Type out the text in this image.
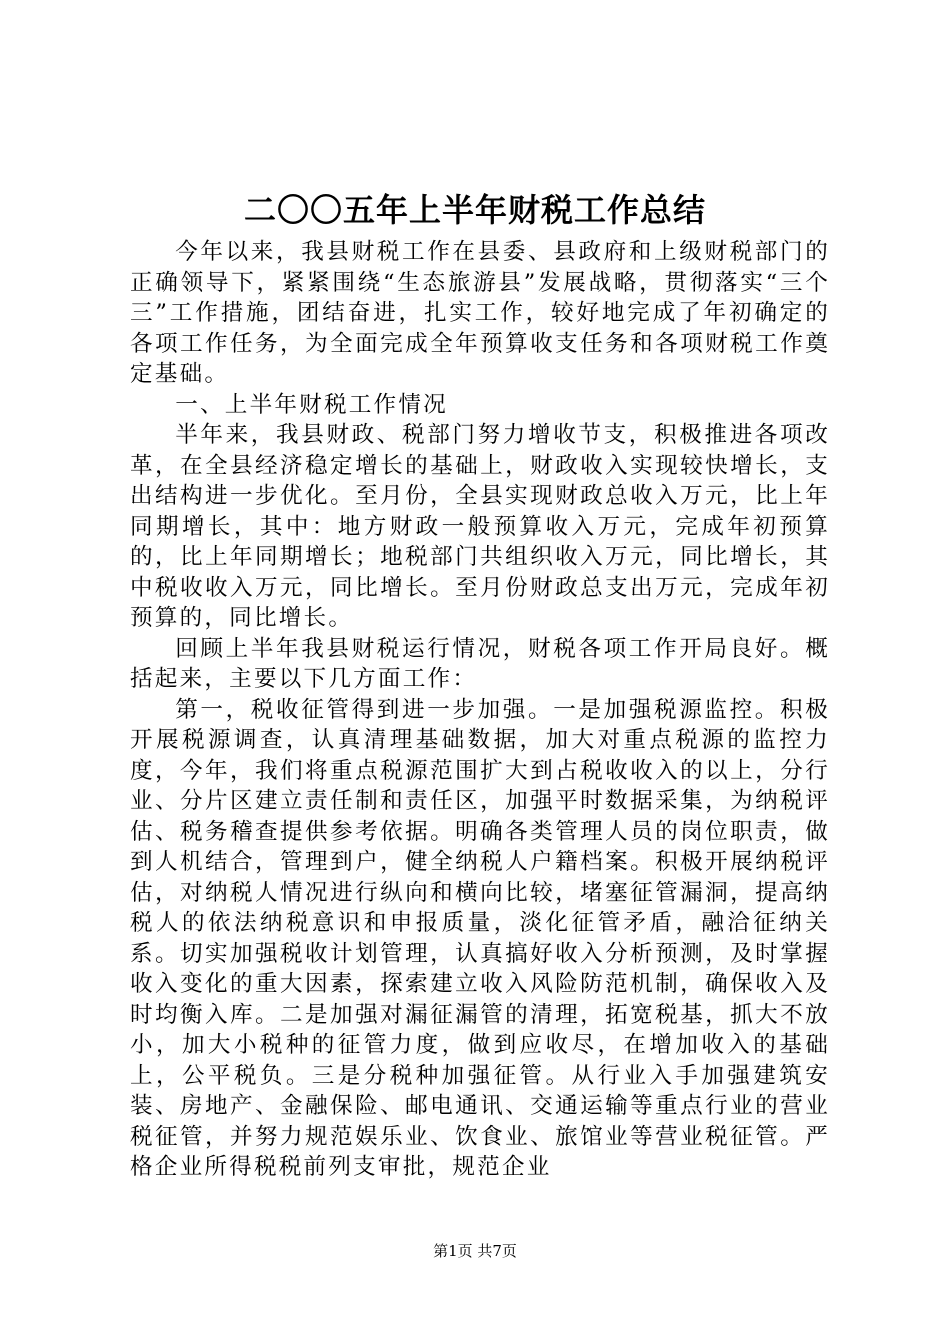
二〇〇五年上半年财税工作总结

今年以来，我县财税工作在县委、县政府和上级财税部门的正确领导下，紧紧围绕“生态旅游县”发展战略，贯彻落实“三个三”工作措施，团结奋进，扎实工作，较好地完成了年初确定的各项工作任务，为全面完成全年预算收支任务和各项财税工作奠定基础。

一、上半年财税工作情况

半年来，我县财政、税部门努力增收节支，积极推进各项改革，在全县经济稳定增长的基础上，财政收入实现较快增长，支出结构进一步优化。至月份，全县实现财政总收入万元，比上年同期增长，其中：地方财政一般预算收入万元，完成年初预算的，比上年同期增长；地税部门共组织收入万元，同比增长，其中税收收入万元，同比增长。至月份财政总支出万元，完成年初预算的，同比增长。

回顾上半年我县财税运行情况，财税各项工作开局良好。概括起来，主要以下几方面工作：

第一，税收征管得到进一步加强。一是加强税源监控。积极开展税源调查，认真清理基础数据，加大对重点税源的监控力度，今年，我们将重点税源范围扩大到占税收收入的以上，分行业、分片区建立责任制和责任区，加强平时数据采集，为纳税评估、税务稽查提供参考依据。明确各类管理人员的岗位职责，做到人机结合，管理到户，健全纳税人户籍档案。积极开展纳税评估，对纳税人情况进行纵向和横向比较，堵塞征管漏洞，提高纳税人的依法纳税意识和申报质量，淡化征管矛盾，融洽征纳关系。切实加强税收计划管理，认真搞好收入分析预测，及时掌握收入变化的重大因素，探索建立收入风险防范机制，确保收入及时均衡入库。二是加强对漏征漏管的清理，拓宽税基，抓大不放小，加大小税种的征管力度，做到应收尽，在增加收入的基础上，公平税负。三是分税种加强征管。从行业入手加强建筑安装、房地产、金融保险、邮电通讯、交通运输等重点行业的营业税征管，并努力规范娱乐业、饮食业、旅馆业等营业税征管。严格企业所得税税前列支审批，规范企业

第1页 共7页
